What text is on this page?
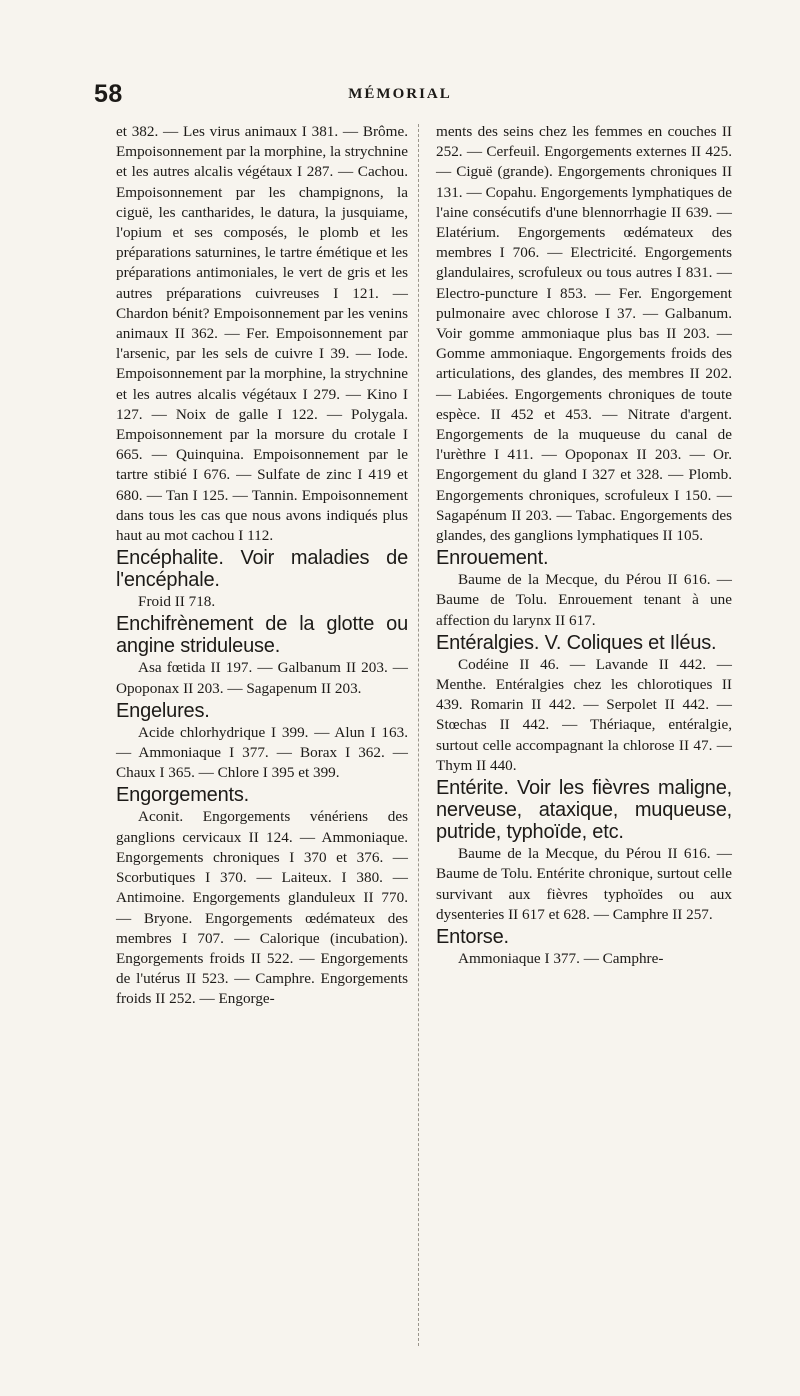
58	MÉMORIAL

et 382. — Les virus animaux I 381. — Brôme. Empoisonnement par la morphine, la strychnine et les autres alcalis végétaux I 287. — Cachou. Empoisonnement par les champignons, la ciguë, les cantharides, le datura, la jusquiame, l'opium et ses composés, le plomb et les préparations saturnines, le tartre émétique et les préparations antimoniales, le vert de gris et les autres préparations cuivreuses I 121. — Chardon bénit? Empoisonnement par les venins animaux II 362. — Fer. Empoisonnement par l'arsenic, par les sels de cuivre I 39. — Iode. Empoisonnement par la morphine, la strychnine et les autres alcalis végétaux I 279. — Kino I 127. — Noix de galle I 122. — Polygala. Empoisonnement par la morsure du crotale I 665. — Quinquina. Empoisonnement par le tartre stibié I 676. — Sulfate de zinc I 419 et 680. — Tan I 125. — Tannin. Empoisonnement dans tous les cas que nous avons indiqués plus haut au mot cachou I 112.

Encéphalite. Voir maladies de l'encéphale.

Froid II 718.

Enchifrènement de la glotte ou angine striduleuse.

Asa fœtida II 197. — Galbanum II 203. — Opoponax II 203. — Sagapenum II 203.

Engelures.

Acide chlorhydrique I 399. — Alun I 163. — Ammoniaque I 377. — Borax I 362. — Chaux I 365. — Chlore I 395 et 399.

Engorgements.

Aconit. Engorgements vénériens des ganglions cervicaux II 124. — Ammoniaque. Engorgements chroniques I 370 et 376. — Scorbutiques I 370. — Laiteux. I 380. — Antimoine. Engorgements glanduleux II 770. — Bryone. Engorgements œdémateux des membres I 707. — Calorique (incubation). Engorgements froids II 522. — Engorgements de l'utérus II 523. — Camphre. Engorgements froids II 252. — Engorge-

ments des seins chez les femmes en couches II 252. — Cerfeuil. Engorgements externes II 425. — Ciguë (grande). Engorgements chroniques II 131. — Copahu. Engorgements lymphatiques de l'aine consécutifs d'une blennorrhagie II 639. — Elatérium. Engorgements œdémateux des membres I 706. — Electricité. Engorgements glandulaires, scrofuleux ou tous autres I 831. — Electro-puncture I 853. — Fer. Engorgement pulmonaire avec chlorose I 37. — Galbanum. Voir gomme ammoniaque plus bas II 203. — Gomme ammoniaque. Engorgements froids des articulations, des glandes, des membres II 202. — Labiées. Engorgements chroniques de toute espèce. II 452 et 453. — Nitrate d'argent. Engorgements de la muqueuse du canal de l'urèthre I 411. — Opoponax II 203. — Or. Engorgement du gland I 327 et 328. — Plomb. Engorgements chroniques, scrofuleux I 150. — Sagapénum II 203. — Tabac. Engorgements des glandes, des ganglions lymphatiques II 105.

Enrouement.

Baume de la Mecque, du Pérou II 616. — Baume de Tolu. Enrouement tenant à une affection du larynx II 617.

Entéralgies. V. Coliques et Iléus.

Codéine II 46. — Lavande II 442. — Menthe. Entéralgies chez les chlorotiques II 439. Romarin II 442. — Serpolet II 442. — Stœchas II 442. — Thériaque, entéralgie, surtout celle accompagnant la chlorose II 47. — Thym II 440.

Entérite. Voir les fièvres maligne, nerveuse, ataxique, muqueuse, putride, typhoïde, etc.

Baume de la Mecque, du Pérou II 616. — Baume de Tolu. Entérite chronique, surtout celle survivant aux fièvres typhoïdes ou aux dysenteries II 617 et 628. — Camphre II 257.

Entorse.

Ammoniaque I 377. — Camphre-
